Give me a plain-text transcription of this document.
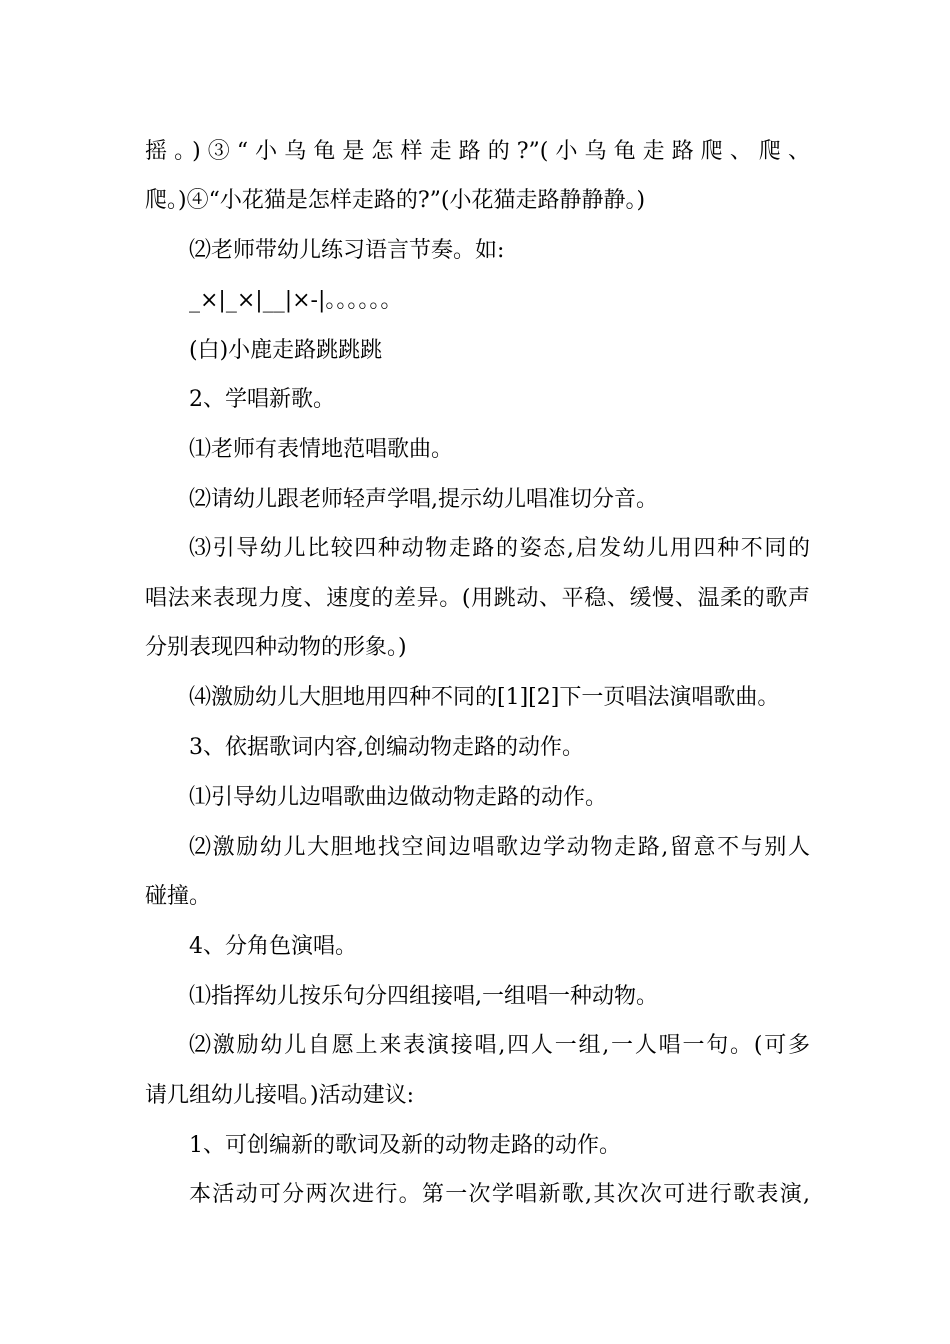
摇。)③“小乌龟是怎样走路的?”(小乌龟走路爬、爬、
爬。)④“小花猫是怎样走路的?”(小花猫走路静静静。)
⑵老师带幼儿练习语言节奏。如:
_×|_×|__|×-|。。。。。。
(白)小鹿走路跳跳跳
2、学唱新歌。
⑴老师有表情地范唱歌曲。
⑵请幼儿跟老师轻声学唱,提示幼儿唱准切分音。
⑶引导幼儿比较四种动物走路的姿态,启发幼儿用四种不同的
唱法来表现力度、速度的差异。(用跳动、平稳、缓慢、温柔的歌声
分别表现四种动物的形象。)
⑷激励幼儿大胆地用四种不同的[1][2]下一页唱法演唱歌曲。
3、依据歌词内容,创编动物走路的动作。
⑴引导幼儿边唱歌曲边做动物走路的动作。
⑵激励幼儿大胆地找空间边唱歌边学动物走路,留意不与别人
碰撞。
4、分角色演唱。
⑴指挥幼儿按乐句分四组接唱,一组唱一种动物。
⑵激励幼儿自愿上来表演接唱,四人一组,一人唱一句。(可多
请几组幼儿接唱。)活动建议:
1、可创编新的歌词及新的动物走路的动作。
本活动可分两次进行。第一次学唱新歌,其次次可进行歌表演,
